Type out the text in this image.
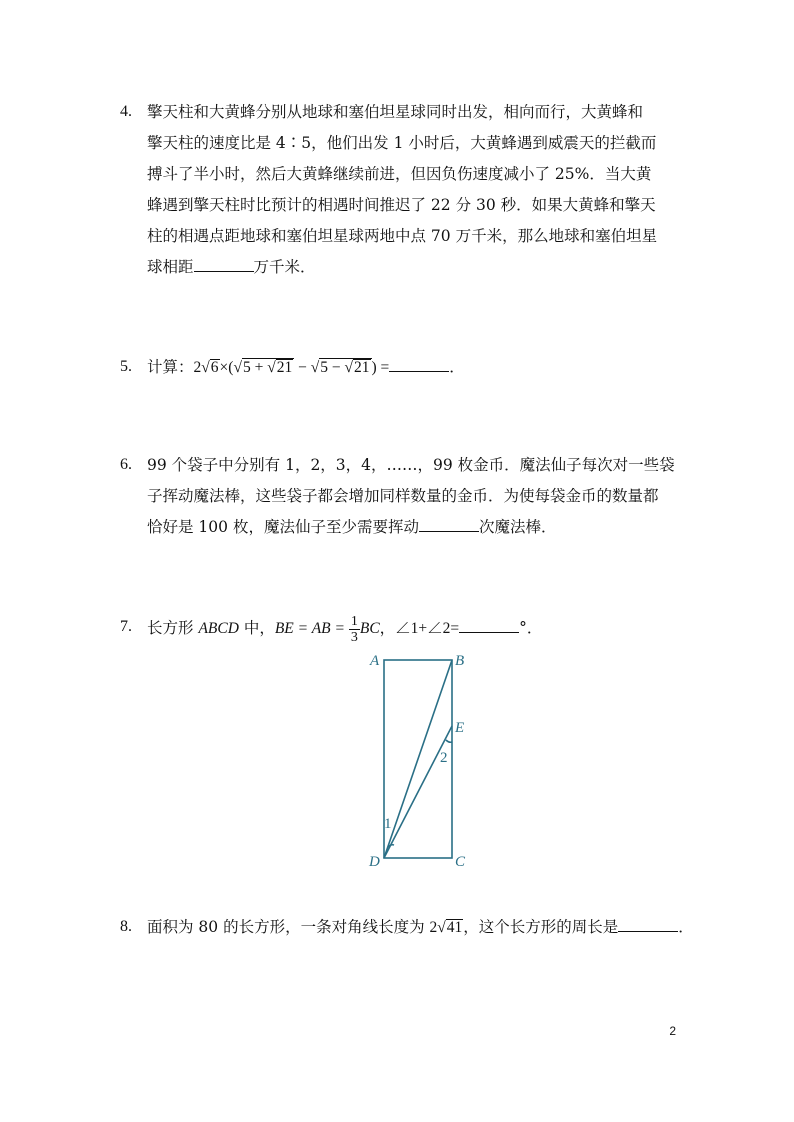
4. 擎天柱和大黄蜂分别从地球和塞伯坦星球同时出发，相向而行，大黄蜂和
擎天柱的速度比是 4∶5，他们出发 1 小时后，大黄蜂遇到威震天的拦截而
搏斗了半小时，然后大黄蜂继续前进，但因负伤速度减小了 25%．当大黄
蜂遇到擎天柱时比预计的相遇时间推迟了 22 分 30 秒．如果大黄蜂和擎天
柱的相遇点距地球和塞伯坦星球两地中点 70 万千米，那么地球和塞伯坦星
球相距	万千米．
5. 计算：2√6×(√5 + √21 − √5 − √21 ) =	．
6. 99 个袋子中分别有 1，2，3，4，……，99 枚金币．魔法仙子每次对一些袋
子挥动魔法棒，这些袋子都会增加同样数量的金币．为使每袋金币的数量都
恰好是 100 枚，魔法仙子至少需要挥动	次魔法棒．
7. 长方形 ABCD 中，BE = AB = $\frac{1}{3}$ BC，∠1+∠2=	°．
A	B
E
2
1
D	C
8. 面积为 80 的长方形，一条对角线长度为 2√41，这个长方形的周长是	．
2
